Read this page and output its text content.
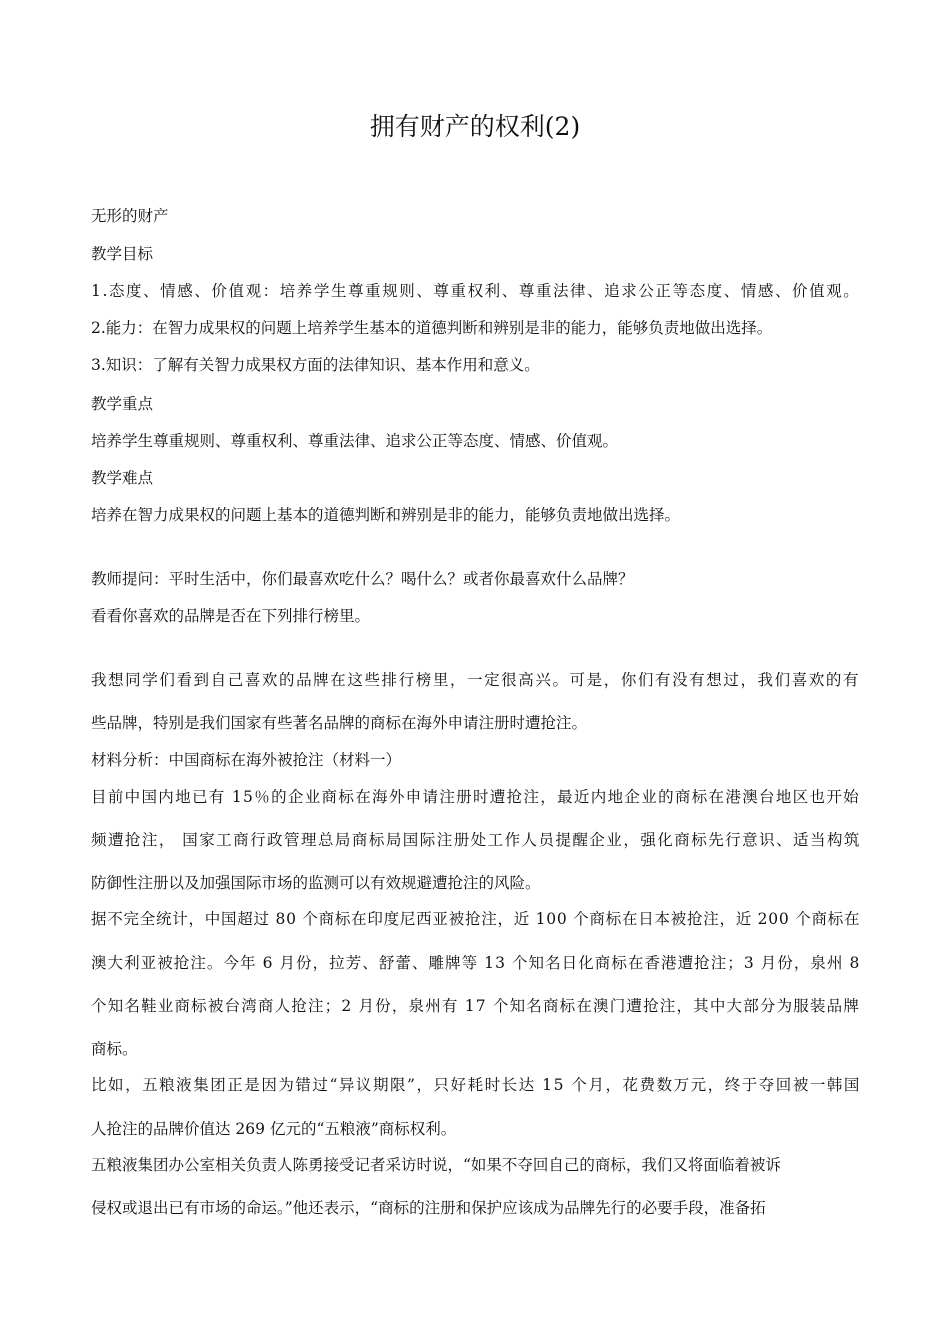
拥有财产的权利(2)
无形的财产
教学目标
1.态度、情感、价值观：培养学生尊重规则、尊重权利、尊重法律、追求公正等态度、情感、价值观。
2.能力：在智力成果权的问题上培养学生基本的道德判断和辨别是非的能力，能够负责地做出选择。
3.知识：了解有关智力成果权方面的法律知识、基本作用和意义。
教学重点
培养学生尊重规则、尊重权利、尊重法律、追求公正等态度、情感、价值观。
教学难点
培养在智力成果权的问题上基本的道德判断和辨别是非的能力，能够负责地做出选择。
教师提问：平时生活中，你们最喜欢吃什么？喝什么？或者你最喜欢什么品牌？
看看你喜欢的品牌是否在下列排行榜里。
我想同学们看到自己喜欢的品牌在这些排行榜里，一定很高兴。可是，你们有没有想过，我们喜欢的有
些品牌，特别是我们国家有些著名品牌的商标在海外申请注册时遭抢注。
材料分析：中国商标在海外被抢注（材料一）
目前中国内地已有 15％的企业商标在海外申请注册时遭抢注，最近内地企业的商标在港澳台地区也开始
频遭抢注， 国家工商行政管理总局商标局国际注册处工作人员提醒企业，强化商标先行意识、适当构筑
防御性注册以及加强国际市场的监测可以有效规避遭抢注的风险。
据不完全统计，中国超过 80 个商标在印度尼西亚被抢注，近 100 个商标在日本被抢注，近 200 个商标在
澳大利亚被抢注。今年 6 月份，拉芳、舒蕾、雕牌等 13 个知名日化商标在香港遭抢注；3 月份，泉州 8
个知名鞋业商标被台湾商人抢注；2 月份，泉州有 17 个知名商标在澳门遭抢注，其中大部分为服装品牌
商标。
比如，五粮液集团正是因为错过“异议期限”，只好耗时长达 15 个月，花费数万元，终于夺回被一韩国
人抢注的品牌价值达 269 亿元的“五粮液”商标权利。
五粮液集团办公室相关负责人陈勇接受记者采访时说，“如果不夺回自己的商标，我们又将面临着被诉
侵权或退出已有市场的命运。”他还表示，“商标的注册和保护应该成为品牌先行的必要手段，准备拓
